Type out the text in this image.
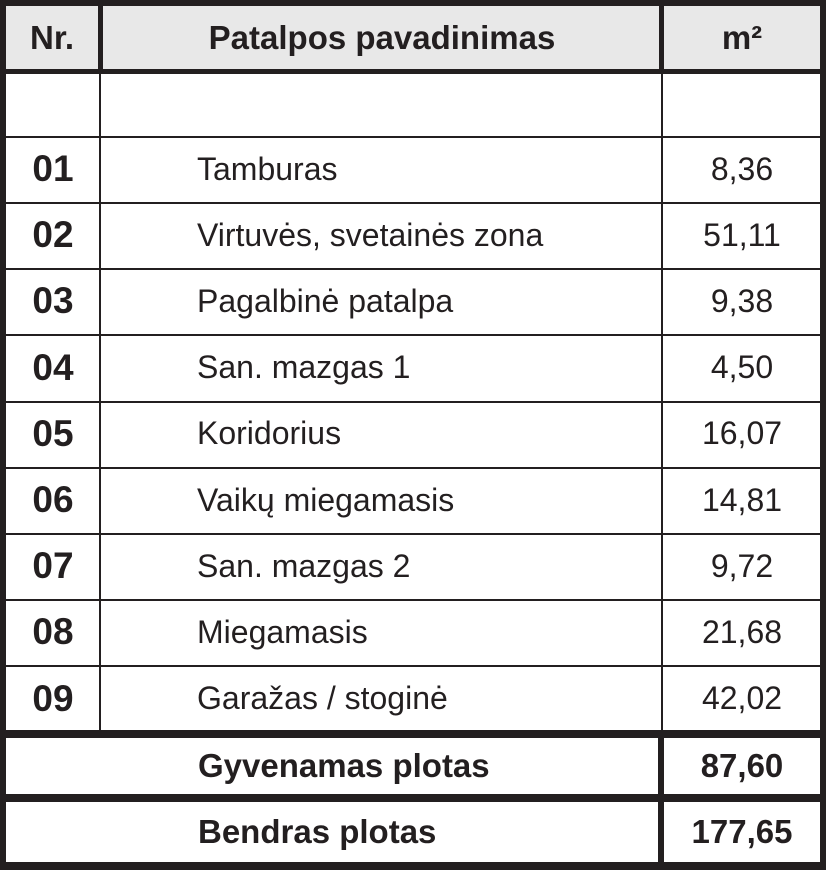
Nr.	Patalpos pavadinimas	m²
01	Tamburas	8,36
02	Virtuvės, svetainės zona	51,11
03	Pagalbinė patalpa	9,38
04	San. mazgas 1	4,50
05	Koridorius	16,07
06	Vaikų miegamasis	14,81
07	San. mazgas 2	9,72
08	Miegamasis	21,68
09	Garažas / stoginė	42,02
Gyvenamas plotas	87,60
Bendras plotas	177,65
